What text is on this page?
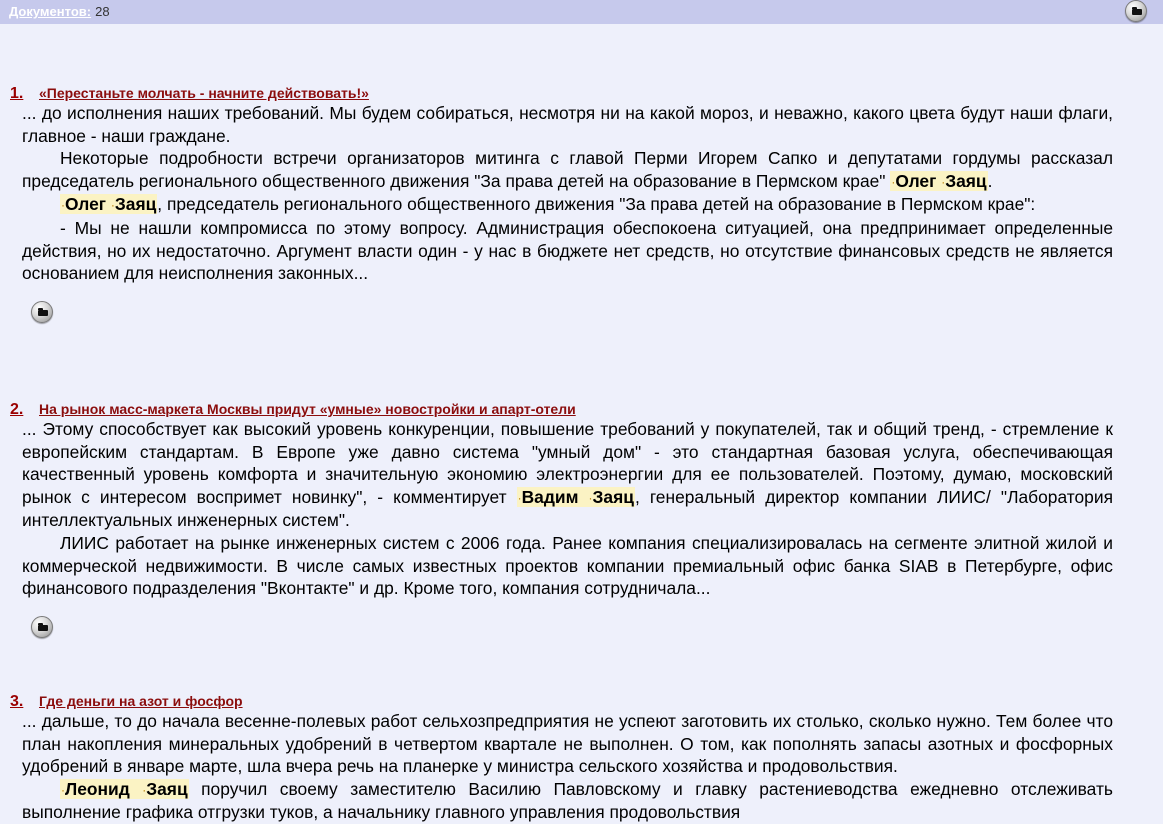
Документов: 28
1. «Перестаньте молчать - начните действовать!»

... до исполнения наших требований. Мы будем собираться, несмотря ни на какой мороз, и неважно, какого цвета будут наши флаги, главное - наши граждане.

Некоторые подробности встречи организаторов митинга с главой Перми Игорем Сапко и депутатами гордумы рассказал председатель регионального общественного движения "За права детей на образование в Пермском крае" ·Олег ·Заяц.

·Олег ·Заяц, председатель регионального общественного движения "За права детей на образование в Пермском крае":

- Мы не нашли компромисса по этому вопросу. Администрация обеспокоена ситуацией, она предпринимает определенные действия, но их недостаточно. Аргумент власти один - у нас в бюджете нет средств, но отсутствие финансовых средств не является основанием для неисполнения законных...

2. На рынок масс-маркета Москвы придут «умные» новостройки и апарт-отели

... Этому способствует как высокий уровень конкуренции, повышение требований у покупателей, так и общий тренд, - стремление к европейским стандартам. В Европе уже давно система "умный дом" - это стандартная базовая услуга, обеспечивающая качественный уровень комфорта и значительную экономию электроэнергии для ее пользователей. Поэтому, думаю, московский рынок с интересом воспримет новинку", - комментирует ·Вадим ·Заяц, генеральный директор компании ЛИИС/ "Лаборатория интеллектуальных инженерных систем".

ЛИИС работает на рынке инженерных систем с 2006 года. Ранее компания специализировалась на сегменте элитной жилой и коммерческой недвижимости. В числе самых известных проектов компании премиальный офис банка SIAB в Петербурге, офис финансового подразделения "Вконтакте" и др. Кроме того, компания сотрудничала...

3. Где деньги на азот и фосфор

... дальше, то до начала весенне-полевых работ сельхозпредприятия не успеют заготовить их столько, сколько нужно. Тем более что план накопления минеральных удобрений в четвертом квартале не выполнен. О том, как пополнять запасы азотных и фосфорных удобрений в январе марте, шла вчера речь на планерке у министра сельского хозяйства и продовольствия.

·Леонид ·Заяц поручил своему заместителю Василию Павловскому и главку растениеводства ежедневно отслеживать выполнение графика отгрузки туков, а начальнику главного управления продовольствия
